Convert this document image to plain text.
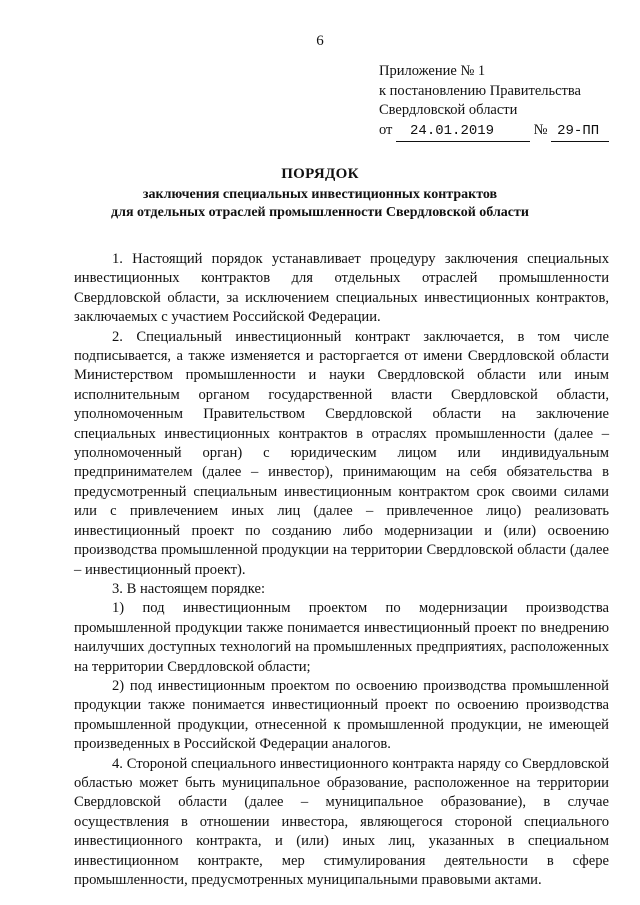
6
Приложение № 1
к постановлению Правительства
Свердловской области
от 24.01.2019	№ 29-ПП
ПОРЯДОК
заключения специальных инвестиционных контрактов
для отдельных отраслей промышленности Свердловской области

1. Настоящий порядок устанавливает процедуру заключения специальных инвестиционных контрактов для отдельных отраслей промышленности Свердловской области, за исключением специальных инвестиционных контрактов, заключаемых с участием Российской Федерации.

2. Специальный инвестиционный контракт заключается, в том числе подписывается, а также изменяется и расторгается от имени Свердловской области Министерством промышленности и науки Свердловской области или иным исполнительным органом государственной власти Свердловской области, уполномоченным Правительством Свердловской области на заключение специальных инвестиционных контрактов в отраслях промышленности (далее – уполномоченный орган) с юридическим лицом или индивидуальным предпринимателем (далее – инвестор), принимающим на себя обязательства в предусмотренный специальным инвестиционным контрактом срок своими силами или с привлечением иных лиц (далее – привлеченное лицо) реализовать инвестиционный проект по созданию либо модернизации и (или) освоению производства промышленной продукции на территории Свердловской области (далее – инвестиционный проект).

3. В настоящем порядке:

1) под инвестиционным проектом по модернизации производства промышленной продукции также понимается инвестиционный проект по внедрению наилучших доступных технологий на промышленных предприятиях, расположенных на территории Свердловской области;

2) под инвестиционным проектом по освоению производства промышленной продукции также понимается инвестиционный проект по освоению производства промышленной продукции, отнесенной к промышленной продукции, не имеющей произведенных в Российской Федерации аналогов.

4. Стороной специального инвестиционного контракта наряду со Свердловской областью может быть муниципальное образование, расположенное на территории Свердловской области (далее – муниципальное образование), в случае осуществления в отношении инвестора, являющегося стороной специального инвестиционного контракта, и (или) иных лиц, указанных в специальном инвестиционном контракте, мер стимулирования деятельности в сфере промышленности, предусмотренных муниципальными правовыми актами.
